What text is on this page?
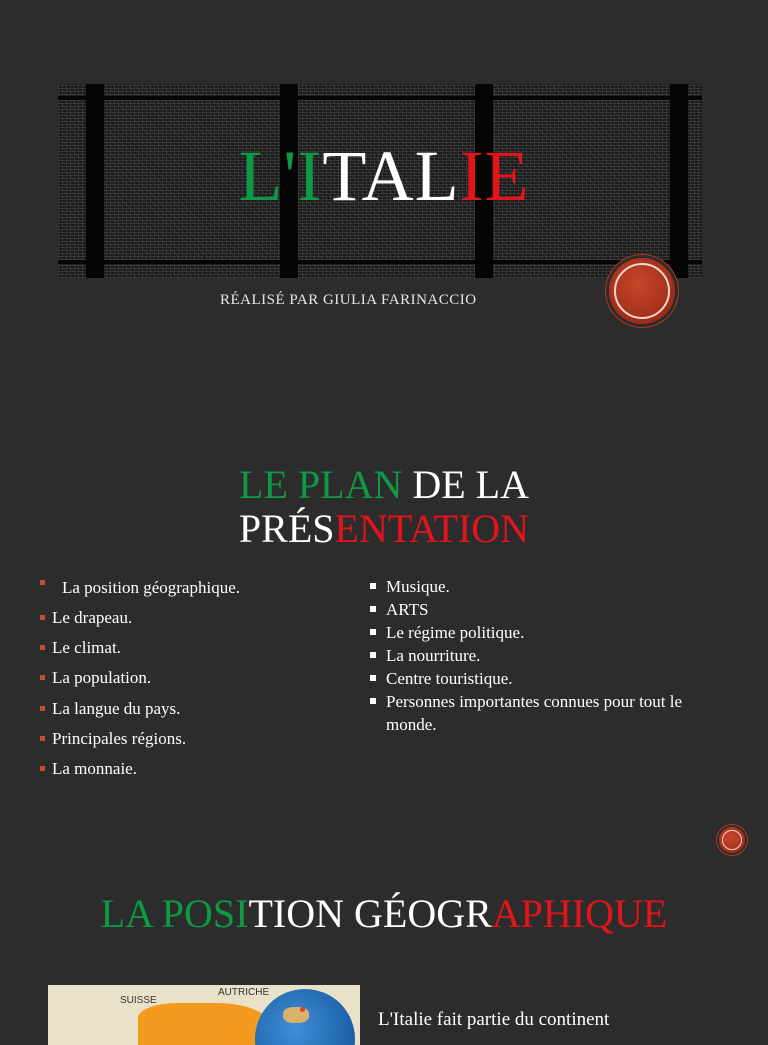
L'ITALIE
RÉALISÉ PAR GIULIA FARINACCIO
LE PLAN DE LA
PRÉSENTATION
La position géographique.
Le drapeau.
Le climat.
La population.
La langue du pays.
Principales régions.
La monnaie.
Musique.
ARTS
Le régime politique.
La nourriture.
Centre touristique.
Personnes importantes connues pour tout le monde.
LA POSITION GÉOGRAPHIQUE
SUISSE
AUTRICHE
L'Italie fait partie du continent
